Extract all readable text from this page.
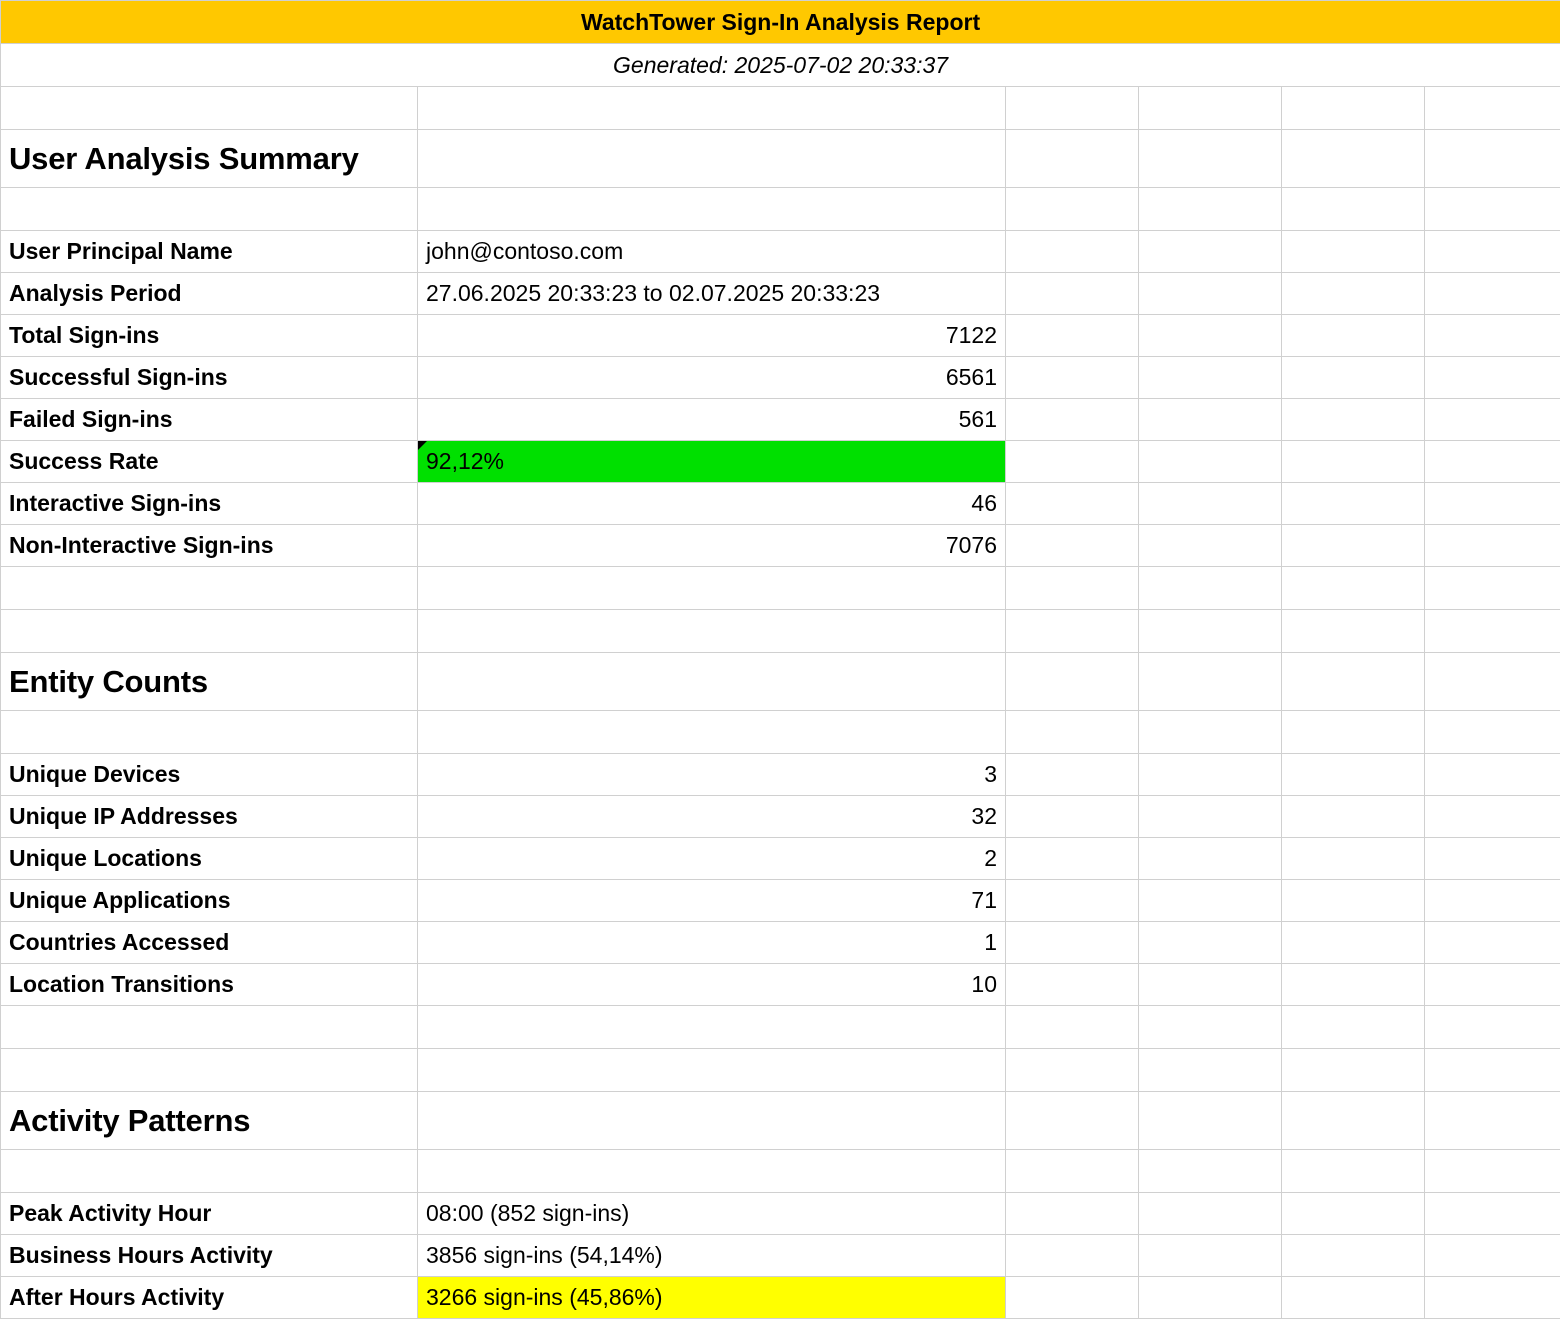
WatchTower Sign-In Analysis Report					
Generated: 2025-07-02 20:33:37					

User Analysis Summary					

User Principal Name	john@contoso.com				
Analysis Period	27.06.2025 20:33:23 to 02.07.2025 20:33:23				
Total Sign-ins	7122				
Successful Sign-ins	6561				
Failed Sign-ins	561				
Success Rate	92,12%				
Interactive Sign-ins	46				
Non-Interactive Sign-ins	7076				

Entity Counts					

Unique Devices	3				
Unique IP Addresses	32				
Unique Locations	2				
Unique Applications	71				
Countries Accessed	1				
Location Transitions	10				

Activity Patterns					

Peak Activity Hour	08:00 (852 sign-ins)				
Business Hours Activity	3856 sign-ins (54,14%)				
After Hours Activity	3266 sign-ins (45,86%)				
